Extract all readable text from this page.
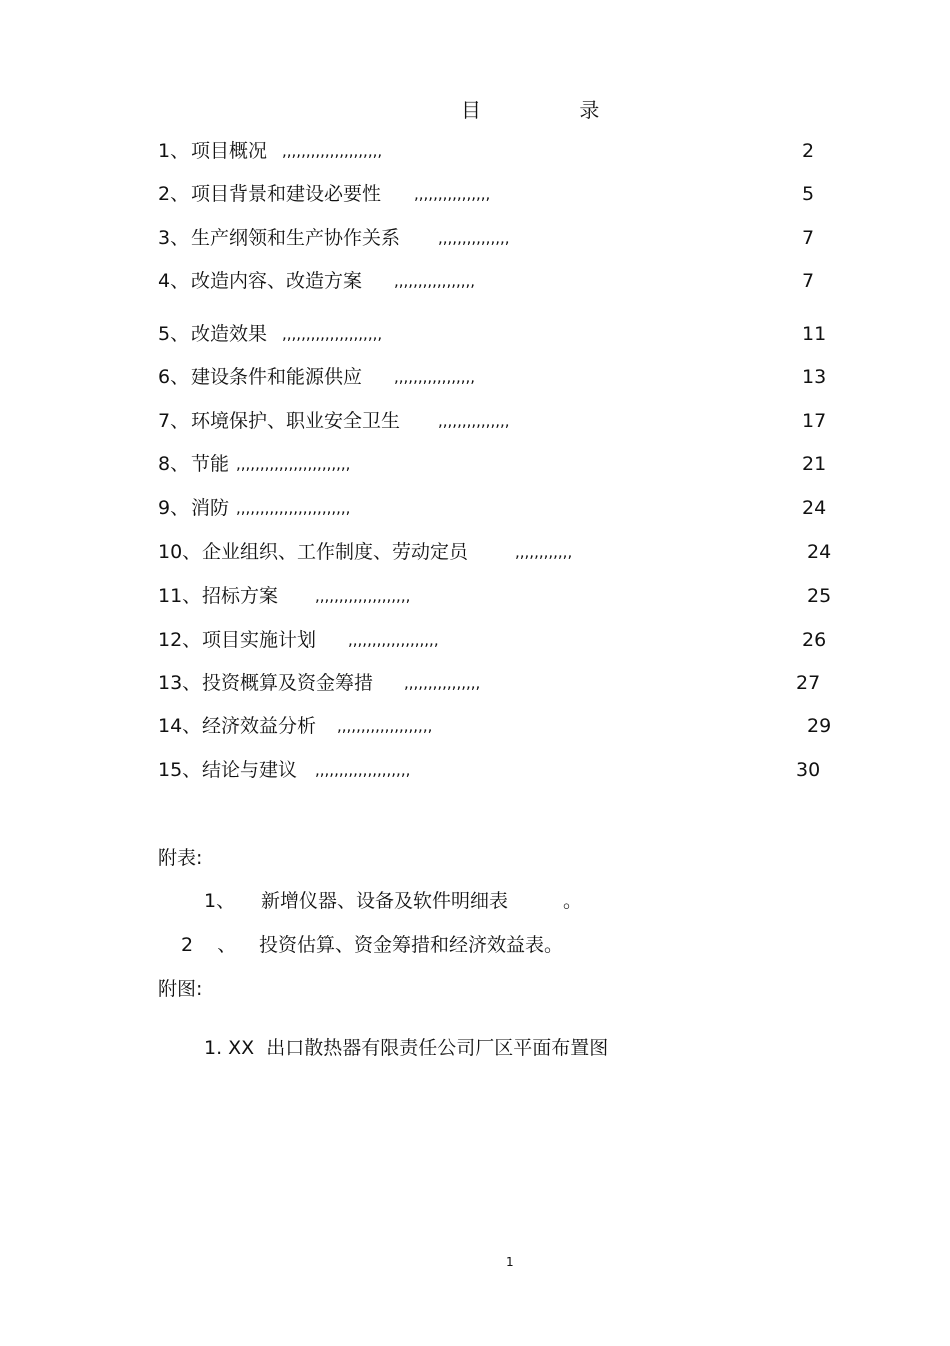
目 录
1、 项目概况 ,,,,,,,,,,,,,,,,,,,,,	2
2、 项目背景和建设必要性 ,,,,,,,,,,,,,,,,	5
3、 生产纲领和生产协作关系	,,,,,,,,,,,,,,,	7
4、 改造内容、改造方案 ,,,,,,,,,,,,,,,,,	7
5、 改造效果 ,,,,,,,,,,,,,,,,,,,,,	11
6、 建设条件和能源供应 ,,,,,,,,,,,,,,,,,	13
7、 环境保护、职业安全卫生	,,,,,,,,,,,,,,,	17
8、 节能 ,,,,,,,,,,,,,,,,,,,,,,,,	21
9、 消防 ,,,,,,,,,,,,,,,,,,,,,,,,	24
10、 企业组织、工作制度、劳动定员	,,,,,,,,,,,,	24
11、 招标方案 ,,,,,,,,,,,,,,,,,,,,	25
12、 项目实施计划 ,,,,,,,,,,,,,,,,,,,	26
13、 投资概算及资金筹措 ,,,,,,,,,,,,,,,,	27
14、 经济效益分析 ,,,,,,,,,,,,,,,,,,,,	29
15、 结论与建议 ,,,,,,,,,,,,,,,,,,,,	30
附表:
1、 新增仪器、设备及软件明细表	。
2    、 投资估算、资金筹措和经济效益表。
附图:
1. XX  出口散热器有限责任公司厂区平面布置图
1
